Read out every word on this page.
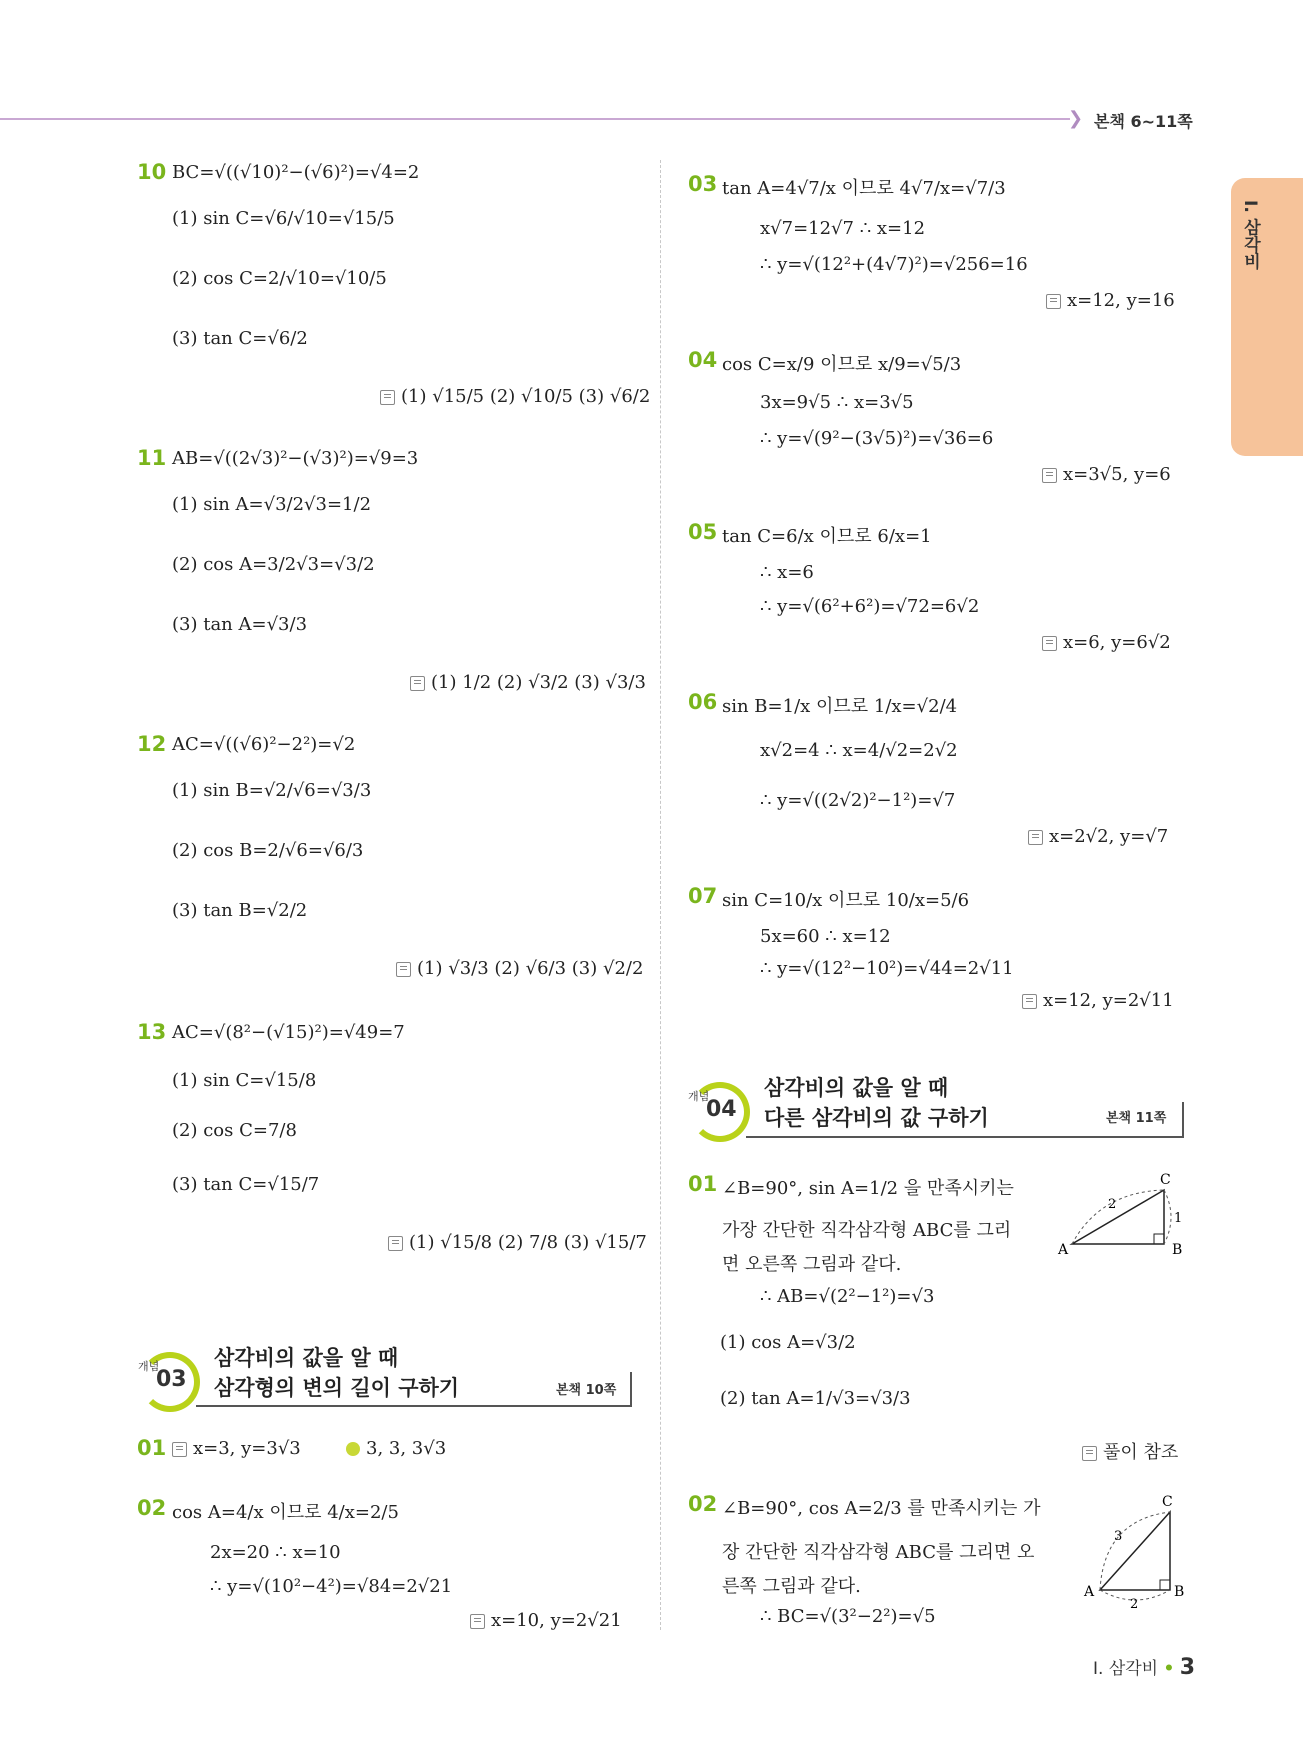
❯ 본책 6~11쪽
I. 삼각비
10 BC=√((√10)²−(√6)²)=√4=2
(1) sin C=√6/√10=√15/5
(2) cos C=2/√10=√10/5
(3) tan C=√6/2
(1) √15/5 (2) √10/5 (3) √6/2
11 AB=√((2√3)²−(√3)²)=√9=3
(1) sin A=√3/2√3=1/2
(2) cos A=3/2√3=√3/2
(3) tan A=√3/3
(1) 1/2 (2) √3/2 (3) √3/3
12 AC=√((√6)²−2²)=√2
(1) sin B=√2/√6=√3/3
(2) cos B=2/√6=√6/3
(3) tan B=√2/2
(1) √3/3 (2) √6/3 (3) √2/2
13 AC=√(8²−(√15)²)=√49=7
(1) sin C=√15/8
(2) cos C=7/8
(3) tan C=√15/7
(1) √15/8 (2) 7/8 (3) √15/7
개념
03
삼각비의 값을 알 때
삼각형의 변의 길이 구하기	본책 10쪽
01	x=3, y=3√3	3, 3, 3√3
02 cos A=4/x 이므로 4/x=2/5
2x=20 ∴ x=10
∴ y=√(10²−4²)=√84=2√21
x=10, y=2√21
03 tan A=4√7/x 이므로 4√7/x=√7/3
x√7=12√7 ∴ x=12
∴ y=√(12²+(4√7)²)=√256=16
x=12, y=16
04 cos C=x/9 이므로 x/9=√5/3
3x=9√5 ∴ x=3√5
∴ y=√(9²−(3√5)²)=√36=6
x=3√5, y=6
05 tan C=6/x 이므로 6/x=1
∴ x=6
∴ y=√(6²+6²)=√72=6√2
x=6, y=6√2
06 sin B=1/x 이므로 1/x=√2/4
x√2=4 ∴ x=4/√2=2√2
∴ y=√((2√2)²−1²)=√7
x=2√2, y=√7
07 sin C=10/x 이므로 10/x=5/6
5x=60 ∴ x=12
∴ y=√(12²−10²)=√44=2√11
x=12, y=2√11
개념
04
삼각비의 값을 알 때
다른 삼각비의 값 구하기	본책 11쪽
01 ∠B=90°, sin A=1/2 을 만족시키는
가장 간단한 직각삼각형 ABC를 그리
면 오른쪽 그림과 같다.
∴ AB=√(2²−1²)=√3
(1) cos A=√3/2
(2) tan A=1/√3=√3/3
풀이 참조
A	B
C
2
1
02 ∠B=90°, cos A=2/3 를 만족시키는 가
장 간단한 직각삼각형 ABC를 그리면 오
른쪽 그림과 같다.
∴ BC=√(3²−2²)=√5
A	B
C
3
2
I. 삼각비 • 3
